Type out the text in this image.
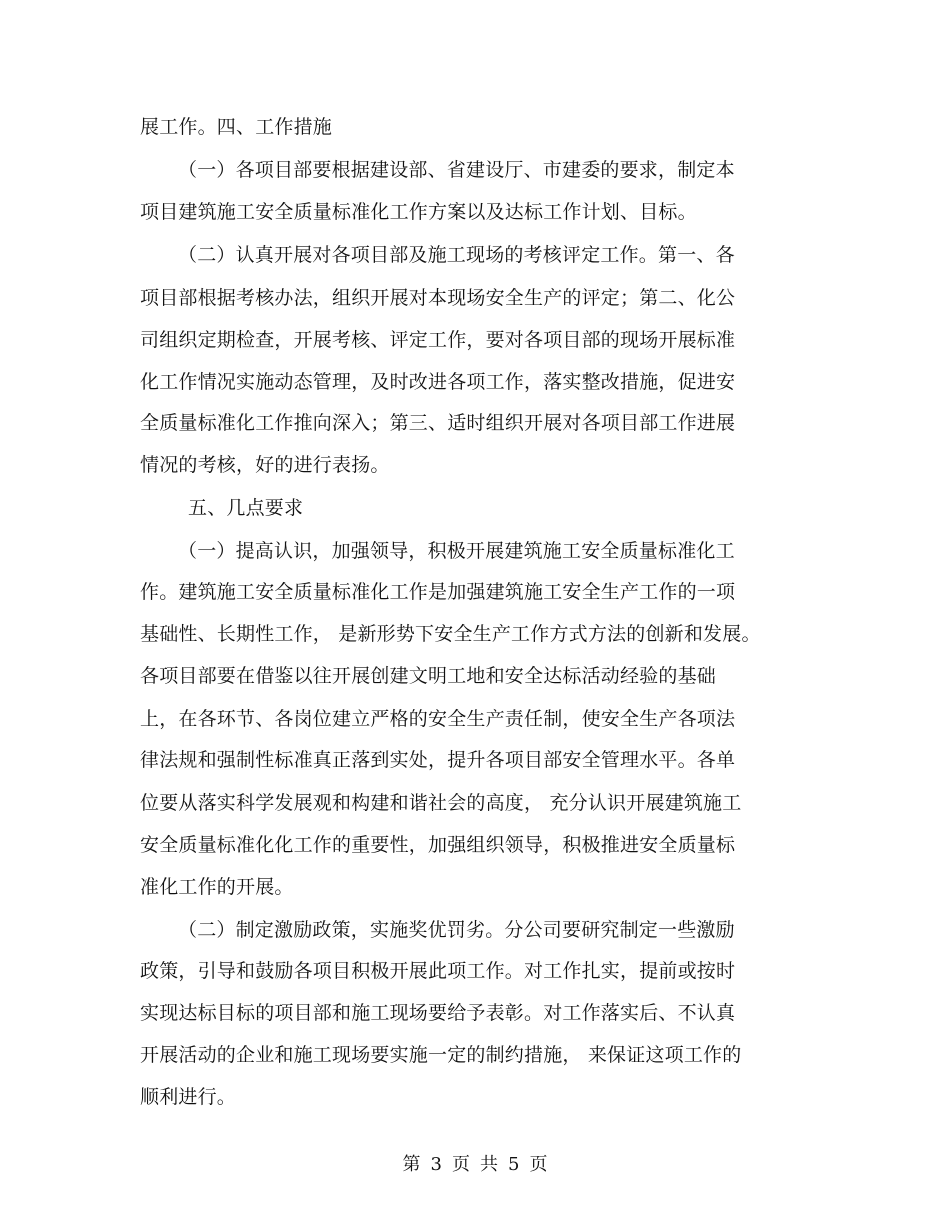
展工作。四、工作措施
（一）各项目部要根据建设部、省建设厅、市建委的要求，制定本
项目建筑施工安全质量标准化工作方案以及达标工作计划、目标。
（二）认真开展对各项目部及施工现场的考核评定工作。第一、各
项目部根据考核办法，组织开展对本现场安全生产的评定；第二、化公
司组织定期检查，开展考核、评定工作，要对各项目部的现场开展标准
化工作情况实施动态管理，及时改进各项工作，落实整改措施，促进安
全质量标准化工作推向深入；第三、适时组织开展对各项目部工作进展
情况的考核，好的进行表扬。
五、几点要求
（一）提高认识，加强领导，积极开展建筑施工安全质量标准化工
作。建筑施工安全质量标准化工作是加强建筑施工安全生产工作的一项
基础性、长期性工作， 是新形势下安全生产工作方式方法的创新和发展。
各项目部要在借鉴以往开展创建文明工地和安全达标活动经验的基础
上，在各环节、各岗位建立严格的安全生产责任制，使安全生产各项法
律法规和强制性标准真正落到实处，提升各项目部安全管理水平。各单
位要从落实科学发展观和构建和谐社会的高度， 充分认识开展建筑施工
安全质量标准化化工作的重要性，加强组织领导，积极推进安全质量标
准化工作的开展。
（二）制定激励政策，实施奖优罚劣。分公司要研究制定一些激励
政策，引导和鼓励各项目积极开展此项工作。对工作扎实，提前或按时
实现达标目标的项目部和施工现场要给予表彰。对工作落实后、不认真
开展活动的企业和施工现场要实施一定的制约措施， 来保证这项工作的
顺利进行。
第 3 页 共 5 页
